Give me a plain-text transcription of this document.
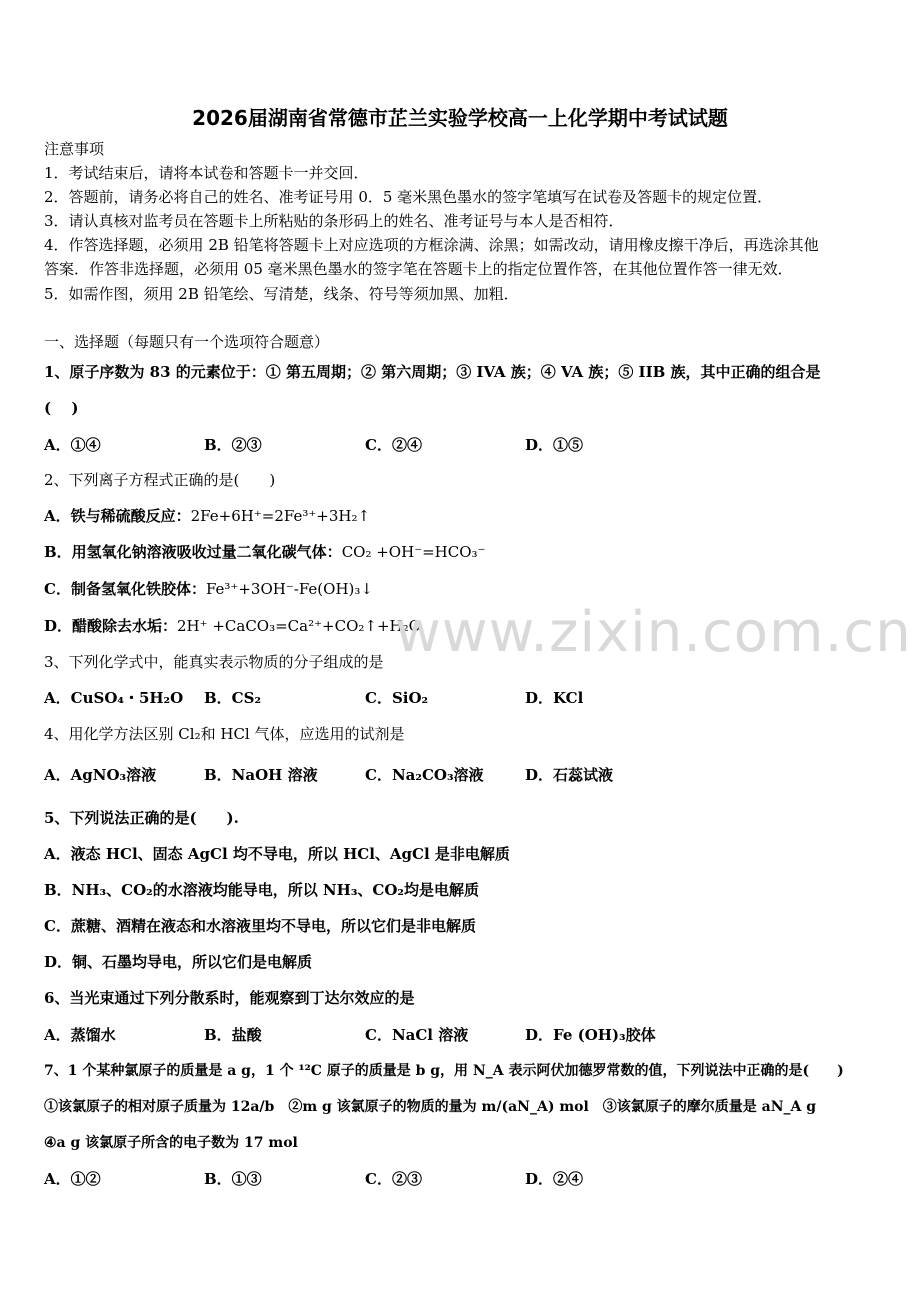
2026届湖南省常德市芷兰实验学校高一上化学期中考试试题
注意事项
1．考试结束后，请将本试卷和答题卡一并交回．
2．答题前，请务必将自己的姓名、准考证号用 0．5 毫米黑色墨水的签字笔填写在试卷及答题卡的规定位置．
3．请认真核对监考员在答题卡上所粘贴的条形码上的姓名、准考证号与本人是否相符．
4．作答选择题，必须用 2B 铅笔将答题卡上对应选项的方框涂满、涂黑；如需改动，请用橡皮擦干净后，再选涂其他
答案．作答非选择题，必须用 05 毫米黑色墨水的签字笔在答题卡上的指定位置作答，在其他位置作答一律无效．
5．如需作图，须用 2B 铅笔绘、写清楚，线条、符号等须加黑、加粗．
一、选择题（每题只有一个选项符合题意）
1、原子序数为 83 的元素位于：① 第五周期；② 第六周期；③ IVA 族；④ VA 族；⑤ IIB 族，其中正确的组合是
(　 )
A．①④	B．②③	C．②④	D．①⑤
2、下列离子方程式正确的是(　　)
A．铁与稀硫酸反应：2Fe+6H⁺=2Fe³⁺+3H₂↑
B．用氢氧化钠溶液吸收过量二氧化碳气体：CO₂ +OH⁻=HCO₃⁻
C．制备氢氧化铁胶体：Fe³⁺+3OH⁻-Fe(OH)₃↓
D．醋酸除去水垢：2H⁺ +CaCO₃=Ca²⁺+CO₂↑+H₂O
3、下列化学式中，能真实表示物质的分子组成的是
A．CuSO₄・5H₂O B．CS₂	C．SiO₂	D．KCl
4、用化学方法区别 Cl₂和 HCl 气体，应选用的试剂是
A．AgNO₃溶液	B．NaOH 溶液	C．Na₂CO₃溶液	D．石蕊试液
5、下列说法正确的是(　　).
A．液态 HCl、固态 AgCl 均不导电，所以 HCl、AgCl 是非电解质
B．NH₃、CO₂的水溶液均能导电，所以 NH₃、CO₂均是电解质
C．蔗糖、酒精在液态和水溶液里均不导电，所以它们是非电解质
D．铜、石墨均导电，所以它们是电解质
6、当光束通过下列分散系时，能观察到丁达尔效应的是
A．蒸馏水	B．盐酸	C．NaCl 溶液	D．Fe (OH)₃胶体
7、1 个某种氯原子的质量是 a g，1 个 ¹²C 原子的质量是 b g，用 N_A 表示阿伏加德罗常数的值，下列说法中正确的是(　　)
①该氯原子的相对原子质量为 12a/b　②m g 该氯原子的物质的量为 m/(aN_A) mol　③该氯原子的摩尔质量是 aN_A g
④a g 该氯原子所含的电子数为 17 mol
A．①②	B．①③	C．②③	D．②④
www.zixin.com.cn
